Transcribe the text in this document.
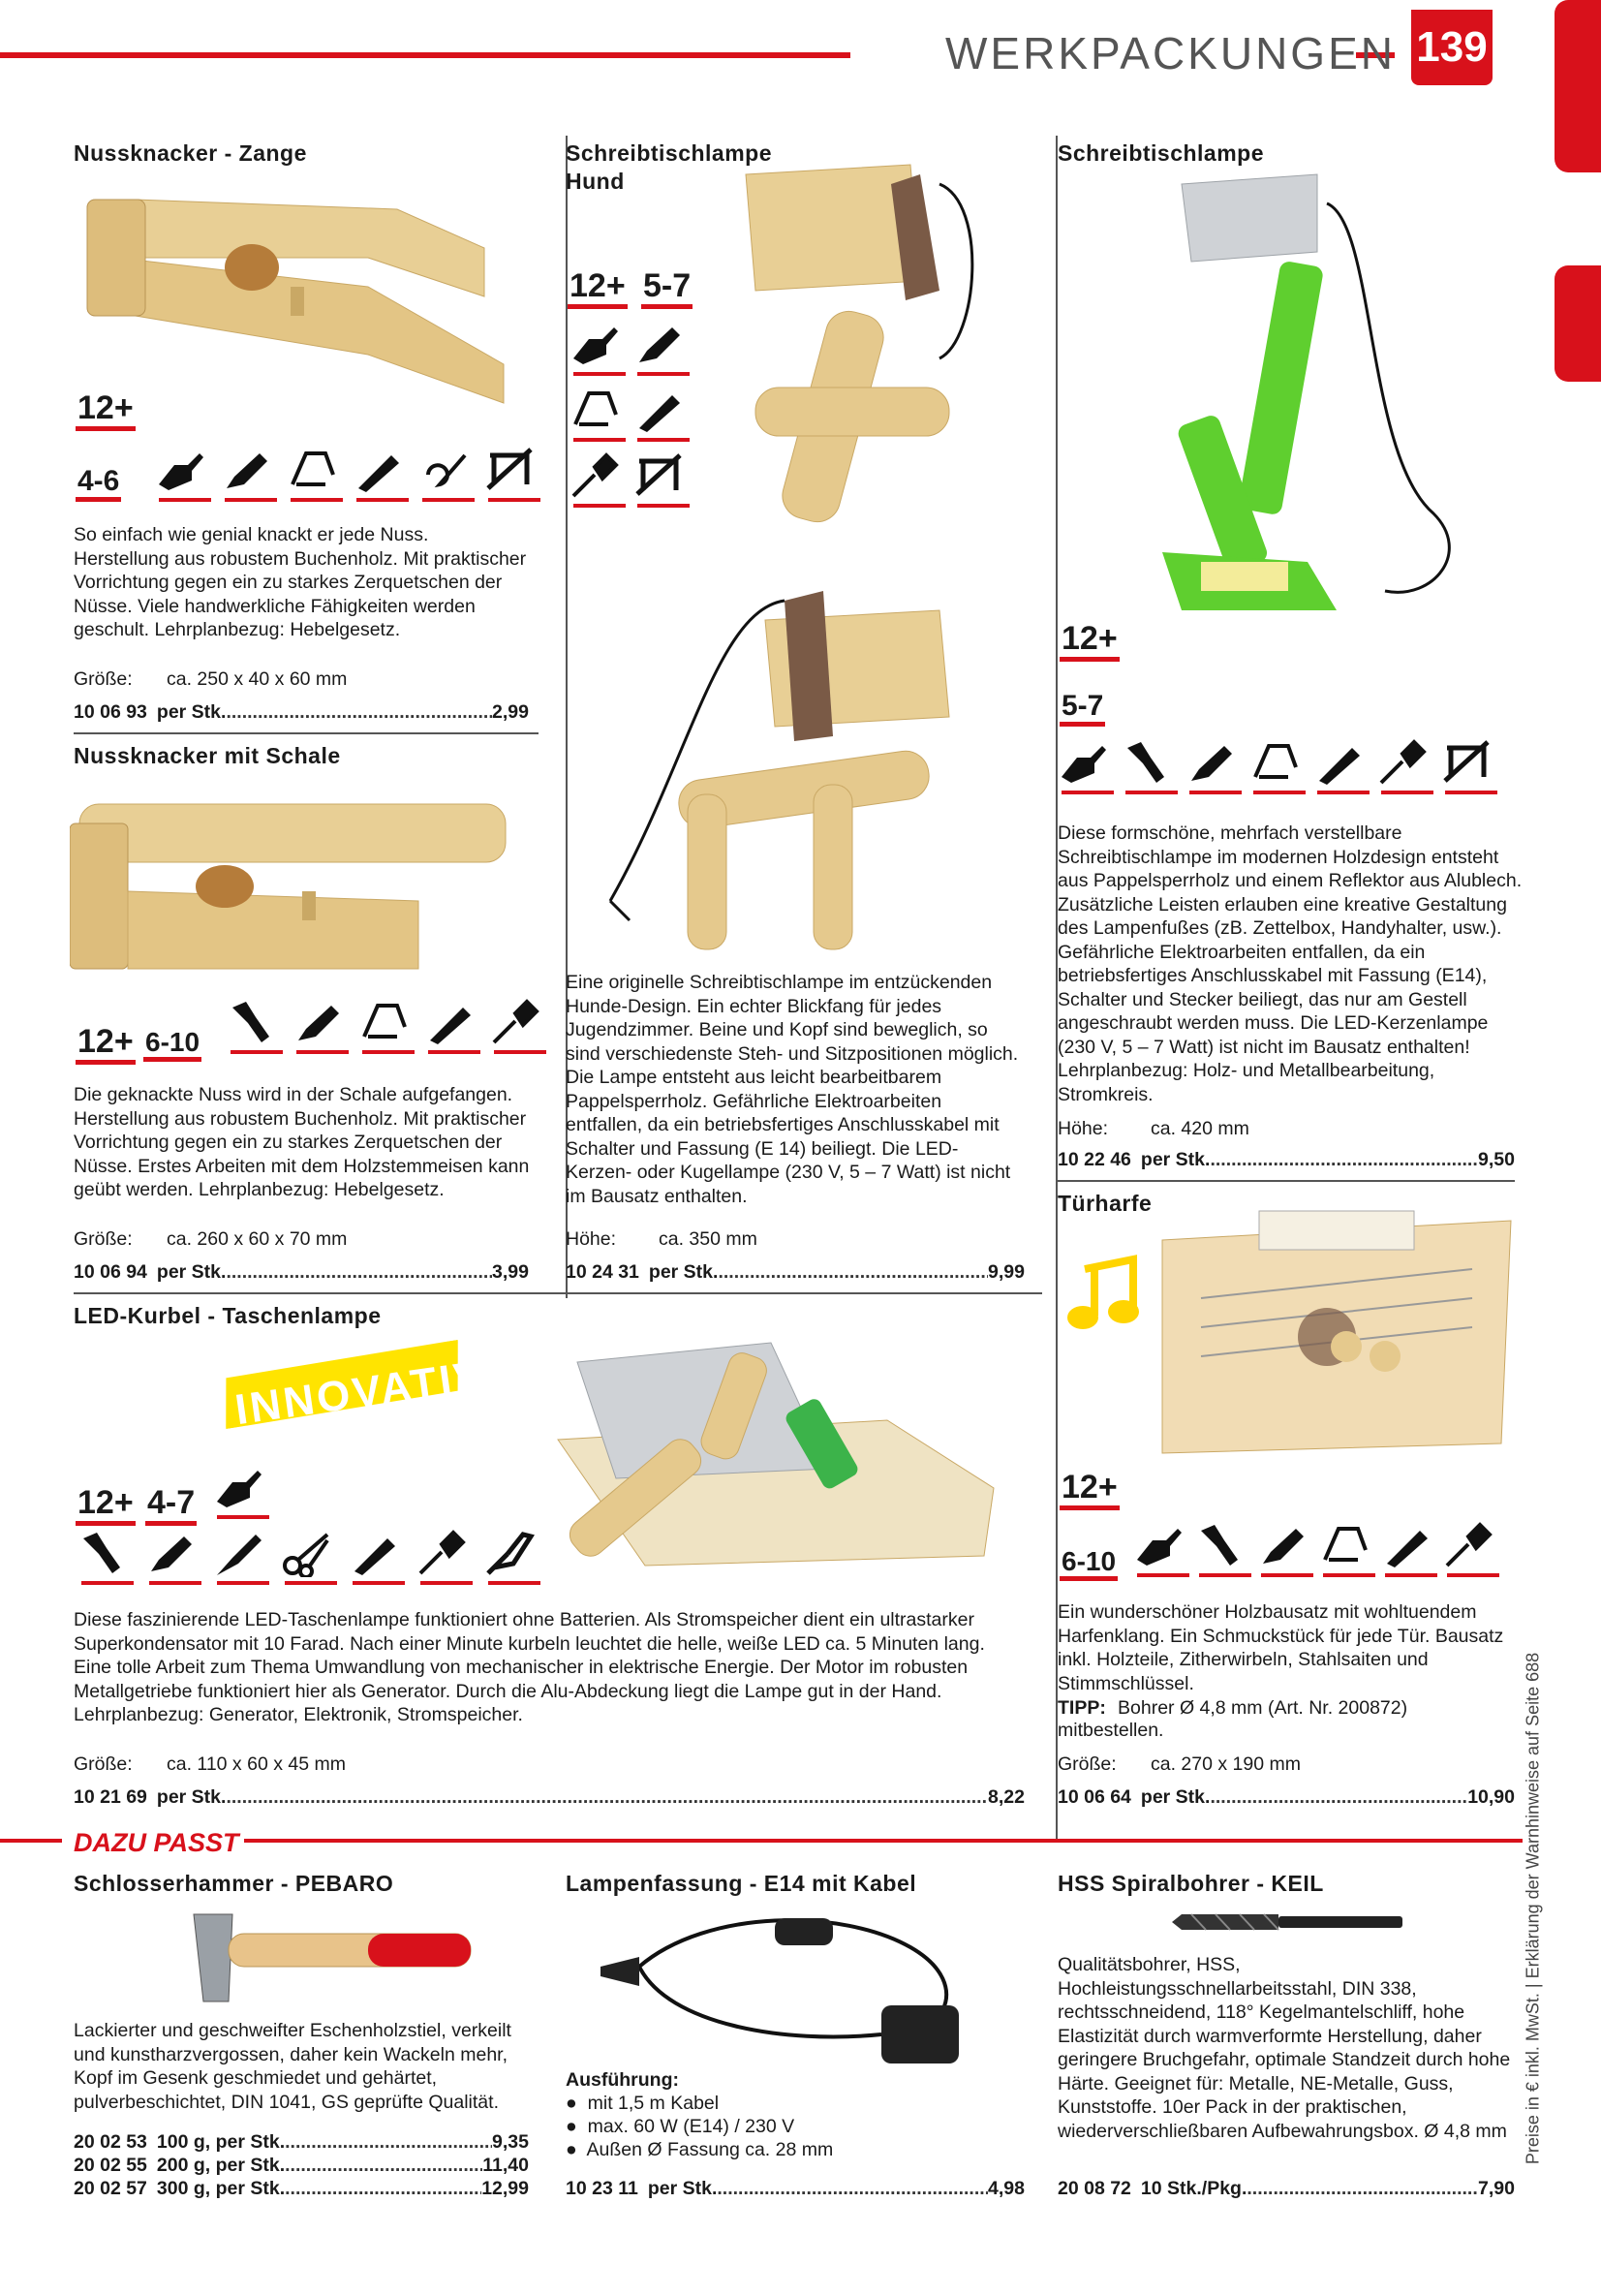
WERKPACKUNGEN 139
Preise in € inkl. MwSt. | Erklärung der Warnhinweise auf Seite 688
Nussknacker - Zange
12+
4-6
So einfach wie genial knackt er jede Nuss. Herstellung aus robustem Buchenholz. Mit praktischer Vorrichtung gegen ein zu starkes Zerquetschen der Nüsse. Viele handwerkliche Fähigkeiten werden geschult. Lehrplanbezug: Hebelgesetz.
Größe: ca. 250 x 40 x 60 mm
10 06 93 per Stk. .....	2,99
Nussknacker mit Schale
12+ 6-10
Die geknackte Nuss wird in der Schale aufgefangen. Herstellung aus robustem Buchenholz. Mit praktischer Vorrichtung gegen ein zu starkes Zerquetschen der Nüsse. Erstes Arbeiten mit dem Holzstemmeisen kann geübt werden. Lehrplanbezug: Hebelgesetz.
Größe: ca. 260 x 60 x 70 mm
10 06 94 per Stk. .....	3,99
Schreibtischlampe Hund
12+ 5-7
Eine originelle Schreibtischlampe im entzückenden Hunde-Design. Ein echter Blickfang für jedes Jugendzimmer. Beine und Kopf sind beweglich, so sind verschiedenste Steh- und Sitzpositionen möglich. Die Lampe entsteht aus leicht bearbeitbarem Pappelsperrholz. Gefährliche Elektroarbeiten entfallen, da ein betriebsfertiges Anschlusskabel mit Schalter und Fassung (E 14) beiliegt. Die LED-Kerzen- oder Kugellampe (230 V, 5 – 7 Watt) ist nicht im Bausatz enthalten.
Höhe: ca. 350 mm
10 24 31 per Stk. .....	9,99
Schreibtischlampe
12+
5-7
Diese formschöne, mehrfach verstellbare Schreibtischlampe im modernen Holzdesign entsteht aus Pappelsperrholz und einem Reflektor aus Alublech. Zusätzliche Leisten erlauben eine kreative Gestaltung des Lampenfußes (zB. Zettelbox, Handyhalter, usw.). Gefährliche Elektroarbeiten entfallen, da ein betriebsfertiges Anschlusskabel mit Fassung (E14), Schalter und Stecker beiliegt, das nur am Gestell angeschraubt werden muss. Die LED-Kerzenlampe (230 V, 5 – 7 Watt) ist nicht im Bausatz enthalten! Lehrplanbezug: Holz- und Metallbearbeitung, Stromkreis.
Höhe: ca. 420 mm
10 22 46 per Stk. .....	9,50
Türharfe
12+
6-10
Ein wunderschöner Holzbausatz mit wohltuendem Harfenklang. Ein Schmuckstück für jede Tür. Bausatz inkl. Holzteile, Zitherwirbeln, Stahlsaiten und Stimmschlüssel.
TIPP: Bohrer Ø 4,8 mm (Art. Nr. 200872) mitbestellen.
Größe: ca. 270 x 190 mm
10 06 64 per Stk. .....	10,90
LED-Kurbel - Taschenlampe
INNOVATIV!
12+ 4-7
Diese faszinierende LED-Taschenlampe funktioniert ohne Batterien. Als Stromspeicher dient ein ultrastarker Superkondensator mit 10 Farad. Nach einer Minute kurbeln leuchtet die helle, weiße LED ca. 5 Minuten lang. Eine tolle Arbeit zum Thema Umwandlung von mechanischer in elektrische Energie. Der Motor im robusten Metallgetriebe funktioniert hier als Generator. Durch die Alu-Abdeckung liegt die Lampe gut in der Hand. Lehrplanbezug: Generator, Elektronik, Stromspeicher.
Größe: ca. 110 x 60 x 45 mm
10 21 69 per Stk. .....	8,22
DAZU PASST
Schlosserhammer - PEBARO
Lackierter und geschweifter Eschenholzstiel, verkeilt und kunstharzvergossen, daher kein Wackeln mehr, Kopf im Gesenk geschmiedet und gehärtet, pulverbeschichtet, DIN 1041, GS geprüfte Qualität.
20 02 53 100 g, per Stk. .....	9,35
20 02 55 200 g, per Stk. .....	11,40
20 02 57 300 g, per Stk. .....	12,99
Lampenfassung - E14 mit Kabel
Ausführung:
●  mit 1,5 m Kabel
●  max. 60 W (E14) / 230 V
●  Außen Ø Fassung ca. 28 mm
10 23 11 per Stk. .....	4,98
HSS Spiralbohrer - KEIL
Qualitätsbohrer, HSS, Hochleistungsschnellarbeitsstahl, DIN 338, rechtsschneidend, 118° Kegelmantelschliff, hohe Elastizität durch warmverformte Herstellung, daher geringere Bruchgefahr, optimale Standzeit durch hohe Härte. Geeignet für: Metalle, NE-Metalle, Guss, Kunststoffe. 10er Pack in der praktischen, wiederverschließbaren Aufbewahrungsbox. Ø 4,8 mm
20 08 72 10 Stk./Pkg. .....	7,90
